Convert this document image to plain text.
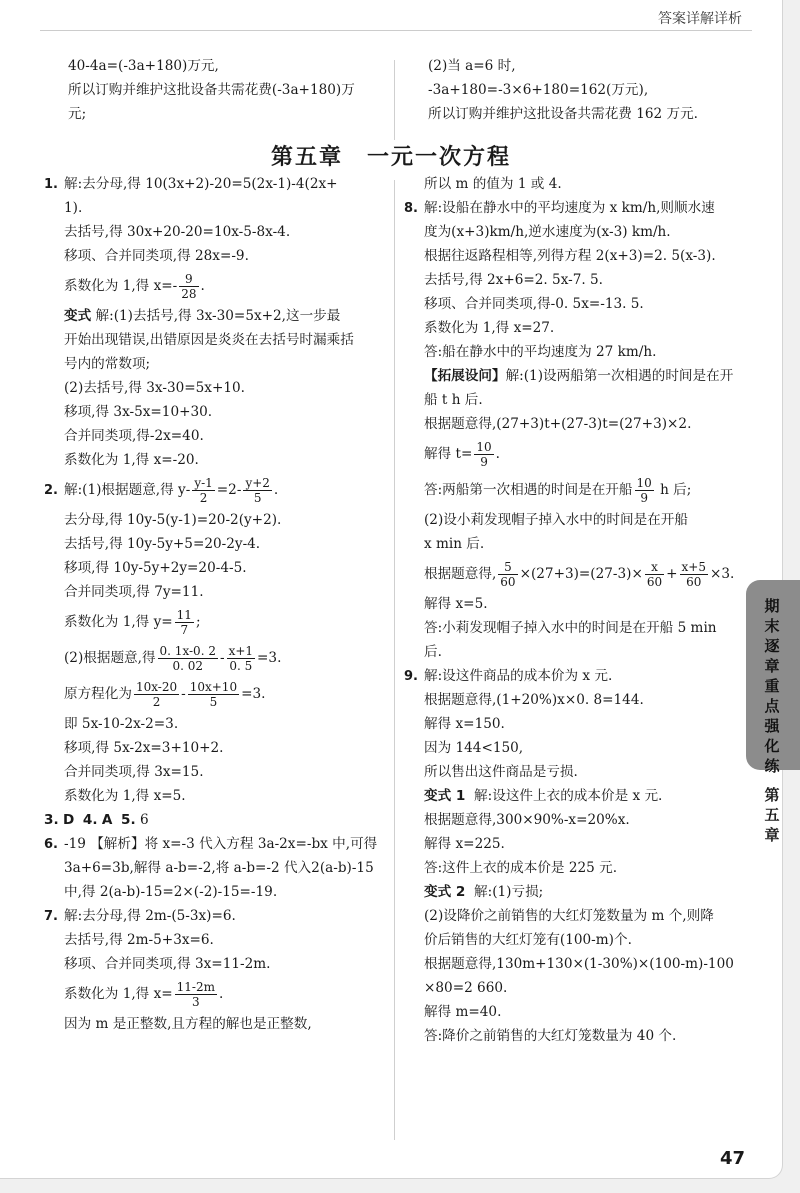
答案详解详析
40-4a=(-3a+180)万元,
所以订购并维护这批设备共需花费(-3a+180)万
元;
(2)当 a=6 时,
-3a+180=-3×6+180=162(万元),
所以订购并维护这批设备共需花费 162 万元.
第五章　一元一次方程
1. 解:去分母,得 10(3x+2)-20=5(2x-1)-4(2x+
1).
去括号,得 30x+20-20=10x-5-8x-4.
移项、合并同类项,得 28x=-9.
系数化为 1,得 $x=- \frac{9}{28}$ .
变式 解:(1)去括号,得 3x-30=5x+2,这一步最
开始出现错误,出错原因是炎炎在去括号时漏乘括
号内的常数项;
(2)去括号,得 3x-30=5x+10.
移项,得 3x-5x=10+30.
合并同类项,得-2x=40.
系数化为 1,得 x=-20.
2. 解:(1)根据题意,得 $y- \frac{y-1}{2} =2- \frac{y+2}{5}$ .
去分母,得 10y-5(y-1)=20-2(y+2).
去括号,得 10y-5y+5=20-2y-4.
移项,得 10y-5y+2y=20-4-5.
合并同类项,得 7y=11.
系数化为 1,得 $y= \frac{11}{7}$ ;
(2)根据题意,得 $\frac{0. 1x-0. 2}{0. 02} - \frac{x+1}{0. 5} =3$.
原方程化为 $\frac{10x-20}{2} - \frac{10x+10}{5} =3$.
即 5x-10-2x-2=3.
移项,得 5x-2x=3+10+2.
合并同类项,得 3x=15.
系数化为 1,得 x=5.
3. D 4. A 5. 6
6. -19 【解析】将 x=-3 代入方程 3a-2x=-bx 中,可得
3a+6=3b,解得 a-b=-2,将 a-b=-2 代入2(a-b)-15
中,得 2(a-b)-15=2×(-2)-15=-19.
7. 解:去分母,得 2m-(5-3x)=6.
去括号,得 2m-5+3x=6.
移项、合并同类项,得 3x=11-2m.
系数化为 1,得 $x= \frac{11-2m}{3}$ .
因为 m 是正整数,且方程的解也是正整数,
所以 m 的值为 1 或 4.
8. 解:设船在静水中的平均速度为 x km/h,则顺水速
度为(x+3)km/h,逆水速度为(x-3) km/h.
根据往返路程相等,列得方程 2(x+3)=2. 5(x-3).
去括号,得 2x+6=2. 5x-7. 5.
移项、合并同类项,得-0. 5x=-13. 5.
系数化为 1,得 x=27.
答:船在静水中的平均速度为 27 km/h.
【拓展设问】解:(1)设两船第一次相遇的时间是在开
船 t h 后.
根据题意得,(27+3)t+(27-3)t=(27+3)×2.
解得 $t= \frac{10}{9}$ .
答:两船第一次相遇的时间是在开船 $\frac{10}{9}$ h 后;
(2)设小莉发现帽子掉入水中的时间是在开船
x min 后.
根据题意得, $\frac{5}{60} \times(27+3)=(27-3)\times \frac{x}{60} + \frac{x+5}{60} \times 3$.
解得 x=5.
答:小莉发现帽子掉入水中的时间是在开船 5 min
后.
9. 解:设这件商品的成本价为 x 元.
根据题意得,(1+20%)x×0. 8=144.
解得 x=150.
因为 144<150,
所以售出这件商品是亏损.
变式 1 解:设这件上衣的成本价是 x 元.
根据题意得,300×90%-x=20%x.
解得 x=225.
答:这件上衣的成本价是 225 元.
变式 2 解:(1)亏损;
(2)设降价之前销售的大红灯笼数量为 m 个,则降
价后销售的大红灯笼有(100-m)个.
根据题意得,130m+130×(1-30%)×(100-m)-100
×80=2 660.
解得 m=40.
答:降价之前销售的大红灯笼数量为 40 个.
期末逐章重点强化练
第五章
47
